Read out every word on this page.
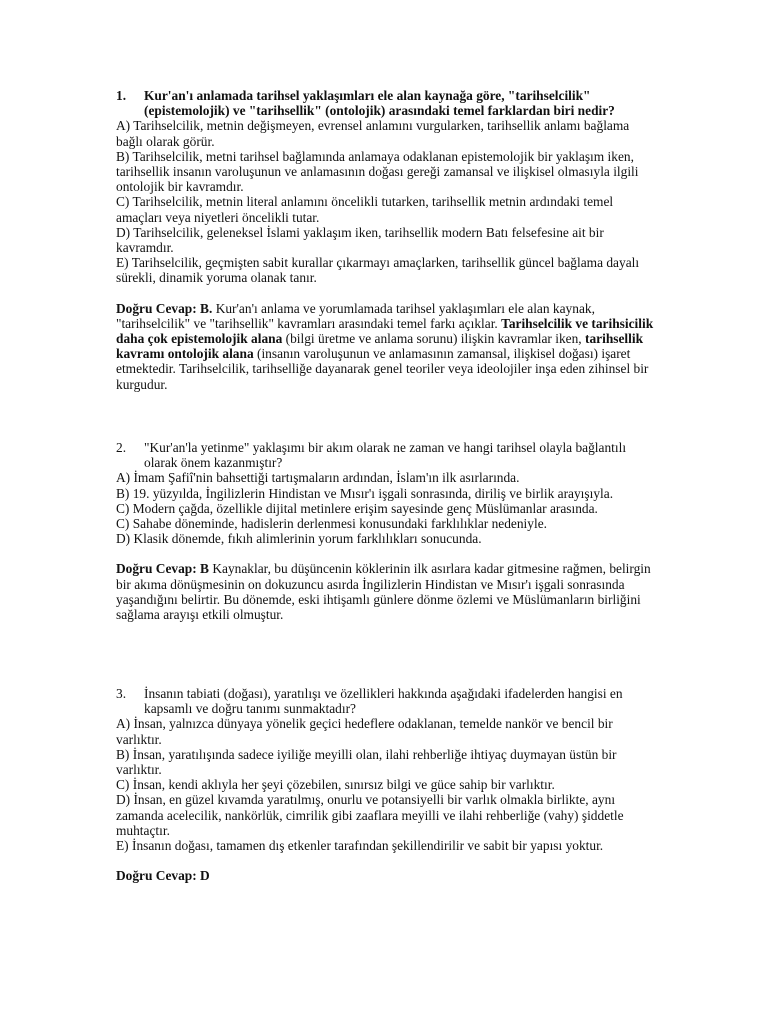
1.	Kur'an'ı anlamada tarihsel yaklaşımları ele alan kaynağa göre, "tarihselcilik" (epistemolojik) ve "tarihsellik" (ontolojik) arasındaki temel farklardan biri nedir?

A) Tarihselcilik, metnin değişmeyen, evrensel anlamını vurgularken, tarihsellik anlamı bağlama bağlı olarak görür.

B) Tarihselcilik, metni tarihsel bağlamında anlamaya odaklanan epistemolojik bir yaklaşım iken, tarihsellik insanın varoluşunun ve anlamasının doğası gereği zamansal ve ilişkisel olmasıyla ilgili ontolojik bir kavramdır.

C) Tarihselcilik, metnin literal anlamını öncelikli tutarken, tarihsellik metnin ardındaki temel amaçları veya niyetleri öncelikli tutar.

D) Tarihselcilik, geleneksel İslami yaklaşım iken, tarihsellik modern Batı felsefesine ait bir kavramdır.

E) Tarihselcilik, geçmişten sabit kurallar çıkarmayı amaçlarken, tarihsellik güncel bağlama dayalı sürekli, dinamik yoruma olanak tanır.

Doğru Cevap: B. Kur'an'ı anlama ve yorumlamada tarihsel yaklaşımları ele alan kaynak, "tarihselcilik" ve "tarihsellik" kavramları arasındaki temel farkı açıklar. Tarihselcilik ve tarihsicilik daha çok epistemolojik alana (bilgi üretme ve anlama sorunu) ilişkin kavramlar iken, tarihsellik kavramı ontolojik alana (insanın varoluşunun ve anlamasının zamansal, ilişkisel doğası) işaret etmektedir. Tarihselcilik, tarihselliğe dayanarak genel teoriler veya ideolojiler inşa eden zihinsel bir kurgudur.

2.	"Kur'an'la yetinme" yaklaşımı bir akım olarak ne zaman ve hangi tarihsel olayla bağlantılı olarak önem kazanmıştır?

A) İmam Şafiî'nin bahsettiği tartışmaların ardından, İslam'ın ilk asırlarında.

B) 19. yüzyılda, İngilizlerin Hindistan ve Mısır'ı işgali sonrasında, diriliş ve birlik arayışıyla.

C) Modern çağda, özellikle dijital metinlere erişim sayesinde genç Müslümanlar arasında.

C) Sahabe döneminde, hadislerin derlenmesi konusundaki farklılıklar nedeniyle.

D) Klasik dönemde, fıkıh alimlerinin yorum farklılıkları sonucunda.

Doğru Cevap: B Kaynaklar, bu düşüncenin köklerinin ilk asırlara kadar gitmesine rağmen, belirgin bir akıma dönüşmesinin on dokuzuncu asırda İngilizlerin Hindistan ve Mısır'ı işgali sonrasında yaşandığını belirtir. Bu dönemde, eski ihtişamlı günlere dönme özlemi ve Müslümanların birliğini sağlama arayışı etkili olmuştur.

3.	İnsanın tabiati (doğası), yaratılışı ve özellikleri hakkında aşağıdaki ifadelerden hangisi en kapsamlı ve doğru tanımı sunmaktadır?

A) İnsan, yalnızca dünyaya yönelik geçici hedeflere odaklanan, temelde nankör ve bencil bir varlıktır.

B) İnsan, yaratılışında sadece iyiliğe meyilli olan, ilahi rehberliğe ihtiyaç duymayan üstün bir varlıktır.

C) İnsan, kendi aklıyla her şeyi çözebilen, sınırsız bilgi ve güce sahip bir varlıktır.

D) İnsan, en güzel kıvamda yaratılmış, onurlu ve potansiyelli bir varlık olmakla birlikte, aynı zamanda acelecilik, nankörlük, cimrilik gibi zaaflara meyilli ve ilahi rehberliğe (vahy) şiddetle muhtaçtır.

E) İnsanın doğası, tamamen dış etkenler tarafından şekillendirilir ve sabit bir yapısı yoktur.

Doğru Cevap: D
